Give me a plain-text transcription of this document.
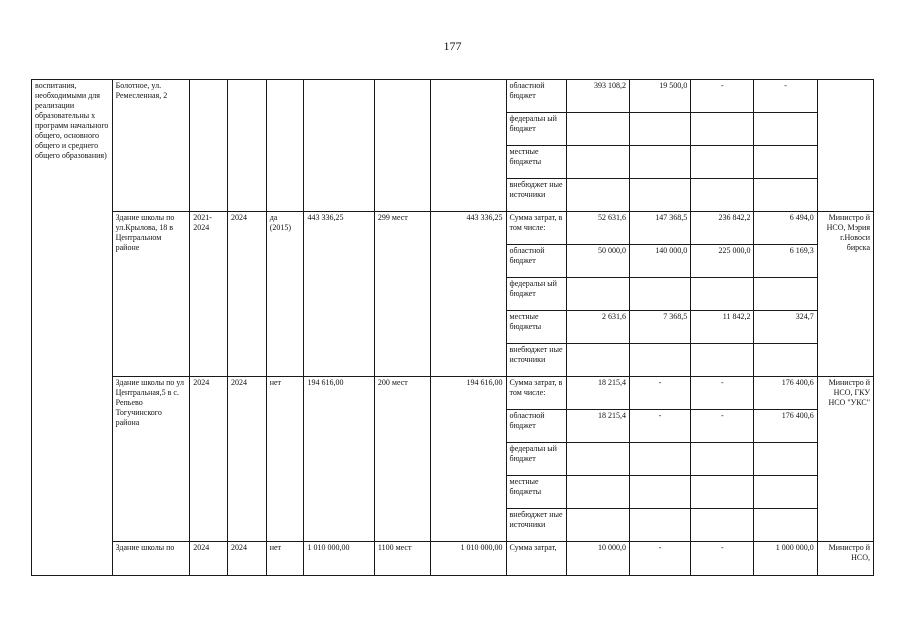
177
воспитания, необходимыми для реализации образовательны х программ начального общего, основного общего и среднего общего образования)	Болотное, ул. Ремесленная, 2							областной бюджет	393 108,2	19 500,0	-	-	
								федеральн ый бюджет					
								местные бюджеты					
								внебюджет ные источники					
	Здание школы по ул.Крылова, 18 в Центральном районе	2021-2024	2024	да (2015)	443 336,25	299 мест	443 336,25	Сумма затрат, в том числе:	52 631,6	147 368,5	236 842,2	6 494,0	Министро й НСО, Мэрия г.Новоси бирска
								областной бюджет	50 000,0	140 000,0	225 000,0	6 169,3	
								федеральн ый бюджет					
								местные бюджеты	2 631,6	7 368,5	11 842,2	324,7	
								внебюджет ные источники					
	Здание школы по ул Центральная,5 в с. Репьево Тогучинского района	2024	2024	нет	194 616,00	200 мест	194 616,00	Сумма затрат, в том числе:	18 215,4	-	-	176 400,6	Министро й НСО, ГКУ НСО "УКС"
								областной бюджет	18 215,4	-	-	176 400,6	
								федеральн ый бюджет					
								местные бюджеты					
								внебюджет ные источники					
	Здание школы по	2024	2024	нет	1 010 000,00	1100 мест	1 010 000,00	Сумма затрат,	10 000,0	-	-	1 000 000,0	Министро й НСО,
